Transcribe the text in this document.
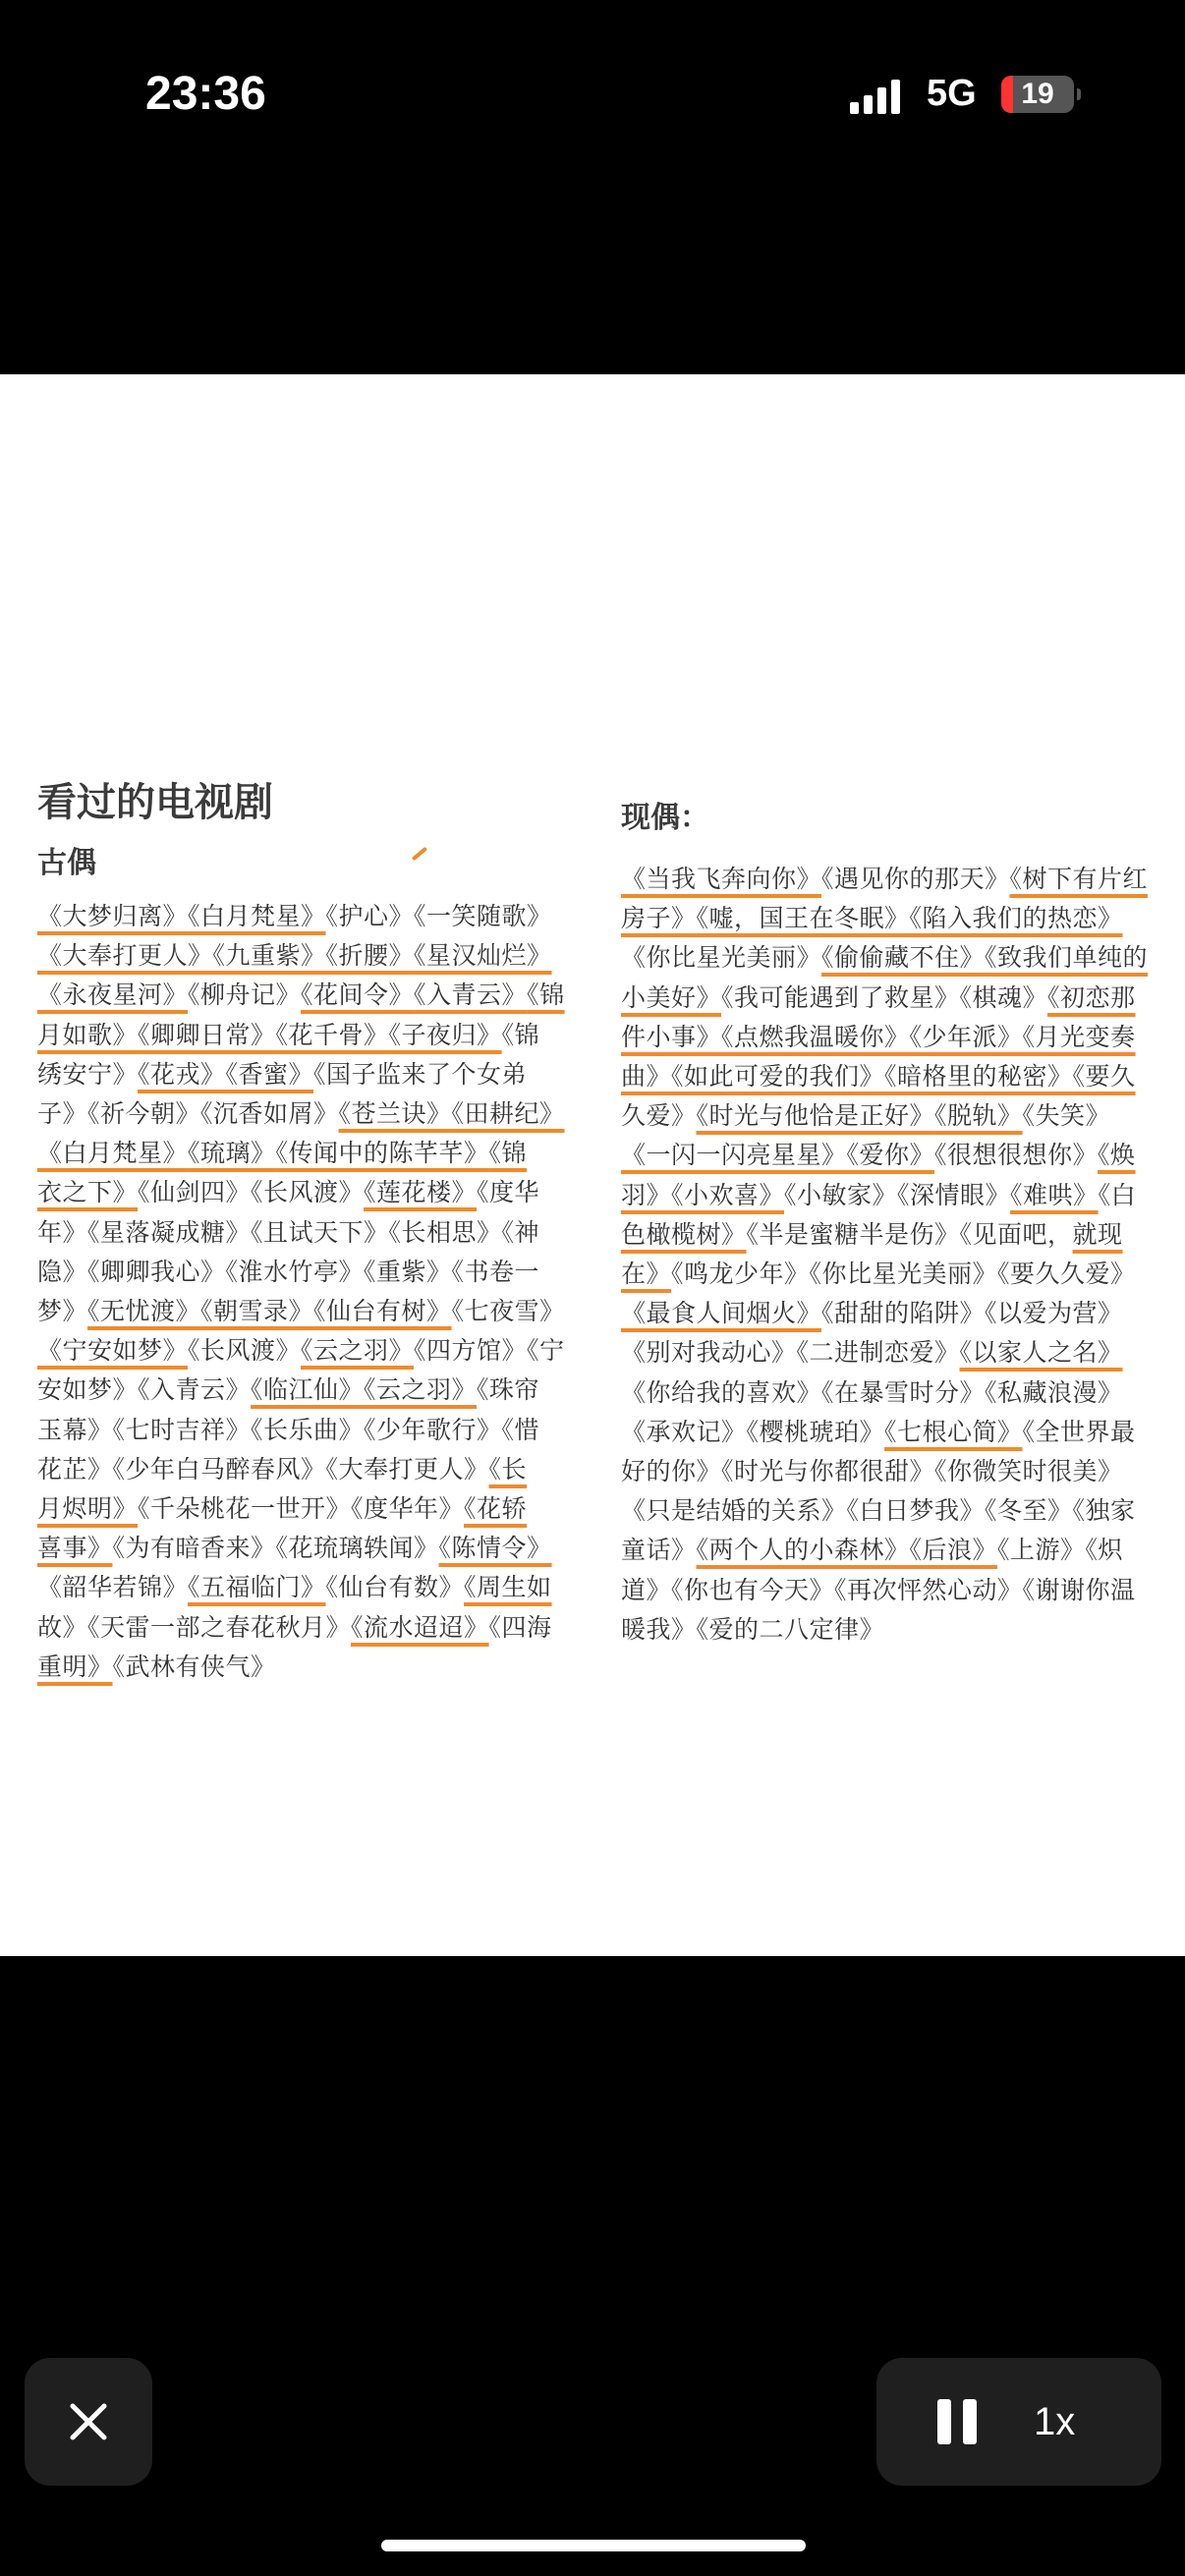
23:36	5G	19
看过的电视剧
古偶
《大梦归离》《白月梵星》《护心》《一笑随歌》
《大奉打更人》《九重紫》《折腰》《星汉灿烂》
《永夜星河》《柳舟记》《花间令》《入青云》《锦
月如歌》《卿卿日常》《花千骨》《子夜归》《锦
绣安宁》《花戎》《香蜜》《国子监来了个女弟
子》《祈今朝》《沉香如屑》《苍兰诀》《田耕纪》
《白月梵星》《琉璃》《传闻中的陈芊芊》《锦
衣之下》《仙剑四》《长风渡》《莲花楼》《度华
年》《星落凝成糖》《且试天下》《长相思》《神
隐》《卿卿我心》《淮水竹亭》《重紫》《书卷一
梦》《无忧渡》《朝雪录》《仙台有树》《七夜雪》
《宁安如梦》《长风渡》《云之羽》《四方馆》《宁
安如梦》《入青云》《临江仙》《云之羽》《珠帘
玉幕》《七时吉祥》《长乐曲》《少年歌行》《惜
花芷》《少年白马醉春风》《大奉打更人》《长
月烬明》《千朵桃花一世开》《度华年》《花轿
喜事》《为有暗香来》《花琉璃轶闻》《陈情令》
《韶华若锦》《五福临门》《仙台有数》《周生如
故》《天雷一部之春花秋月》《流水迢迢》《四海
重明》《武林有侠气》
现偶：
《当我飞奔向你》《遇见你的那天》《树下有片红
房子》《嘘，国王在冬眠》《陷入我们的热恋》
《你比星光美丽》《偷偷藏不住》《致我们单纯的
小美好》《我可能遇到了救星》《棋魂》《初恋那
件小事》《点燃我温暖你》《少年派》《月光变奏
曲》《如此可爱的我们》《暗格里的秘密》《要久
久爱》《时光与他恰是正好》《脱轨》《失笑》
《一闪一闪亮星星》《爱你》《很想很想你》《焕
羽》《小欢喜》《小敏家》《深情眼》《难哄》《白
色橄榄树》《半是蜜糖半是伤》《见面吧，就现
在》《鸣龙少年》《你比星光美丽》《要久久爱》
《最食人间烟火》《甜甜的陷阱》《以爱为营》
《别对我动心》《二进制恋爱》《以家人之名》
《你给我的喜欢》《在暴雪时分》《私藏浪漫》
《承欢记》《樱桃琥珀》《七根心简》《全世界最
好的你》《时光与你都很甜》《你微笑时很美》
《只是结婚的关系》《白日梦我》《冬至》《独家
童话》《两个人的小森林》《后浪》《上游》《炽
道》《你也有今天》《再次怦然心动》《谢谢你温
暖我》《爱的二八定律》
1x
